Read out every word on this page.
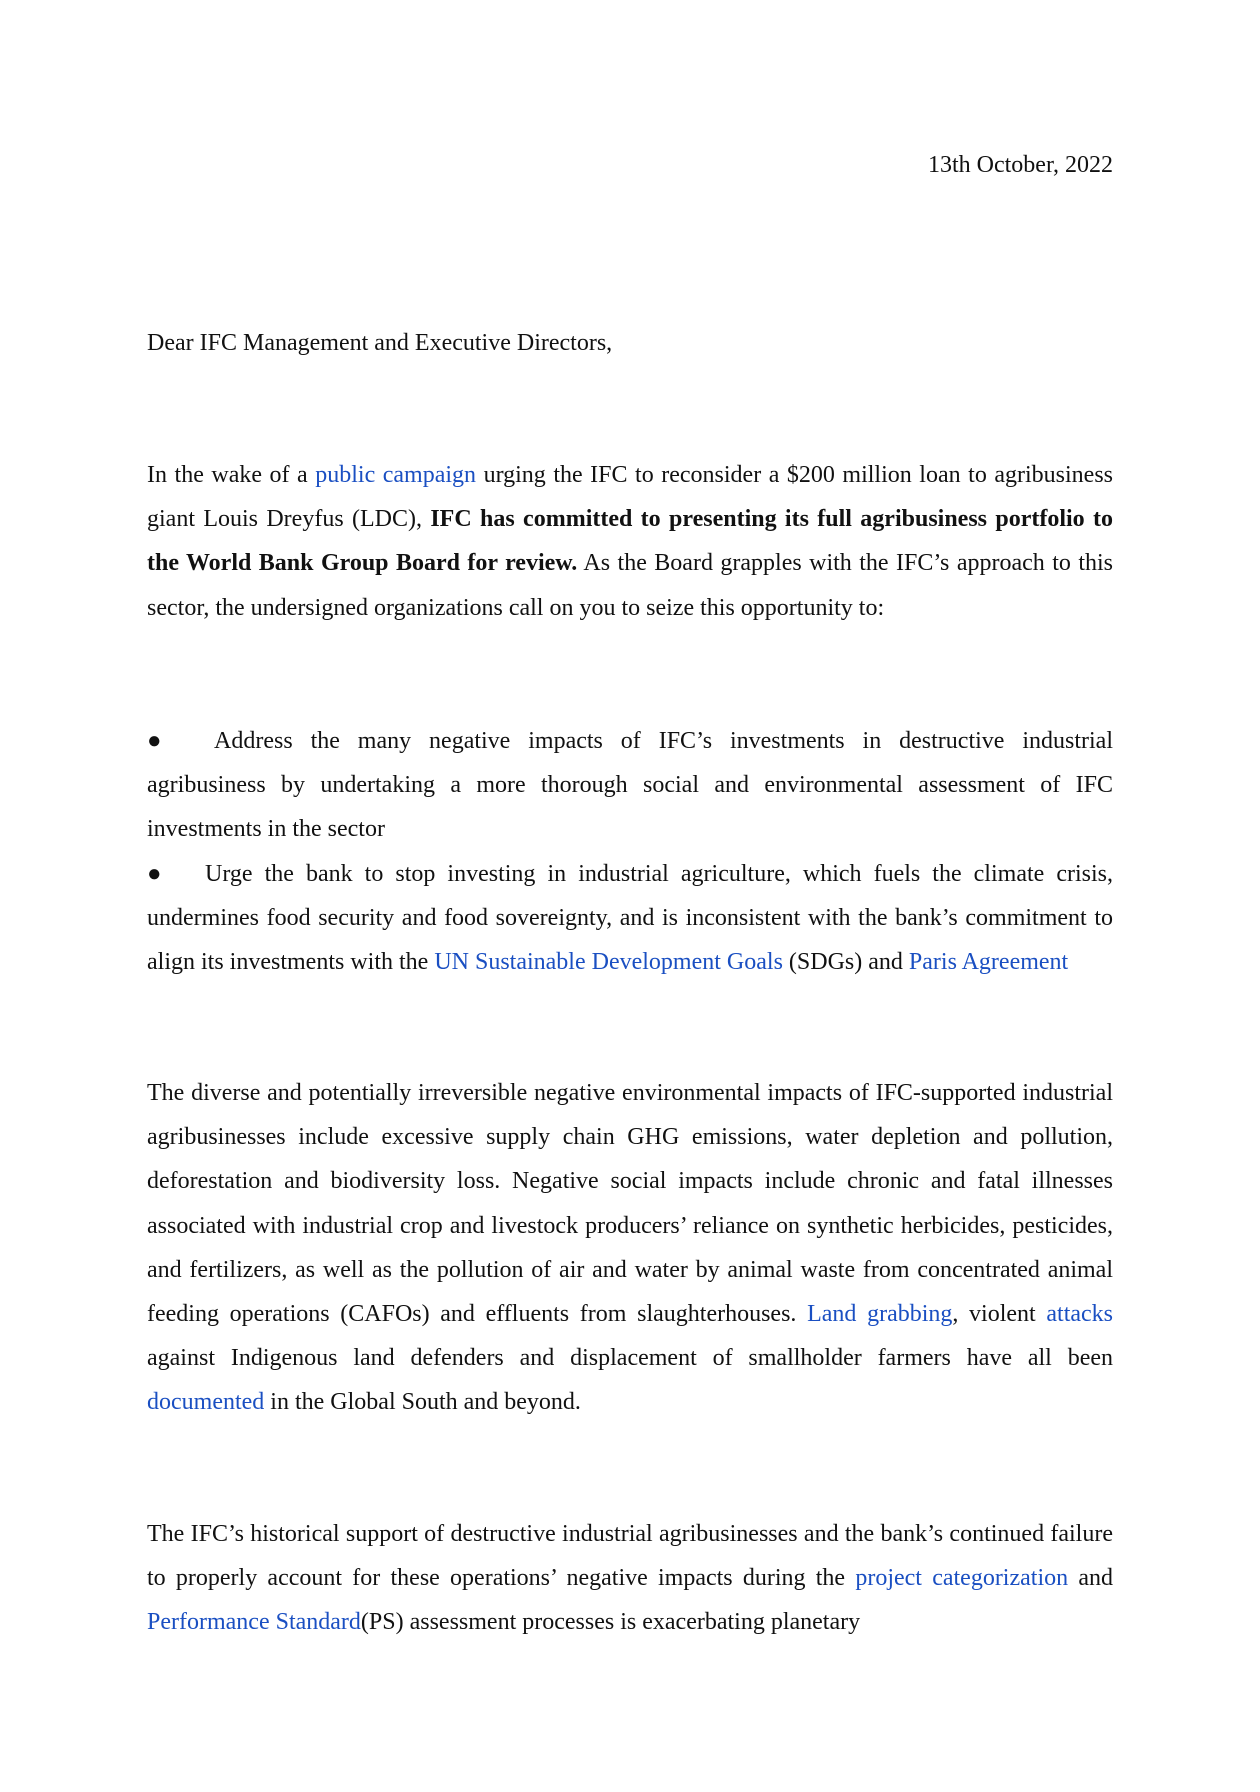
13th October, 2022
Dear IFC Management and Executive Directors,

In the wake of a public campaign urging the IFC to reconsider a $200 million loan to agribusiness giant Louis Dreyfus (LDC), IFC has committed to presenting its full agribusiness portfolio to the World Bank Group Board for review. As the Board grapples with the IFC’s approach to this sector, the undersigned organizations call on you to seize this opportunity to:

● Address the many negative impacts of IFC’s investments in destructive industrial agribusiness by undertaking a more thorough social and environmental assessment of IFC investments in the sector

● Urge the bank to stop investing in industrial agriculture, which fuels the climate crisis, undermines food security and food sovereignty, and is inconsistent with the bank’s commitment to align its investments with the UN Sustainable Development Goals (SDGs) and Paris Agreement

The diverse and potentially irreversible negative environmental impacts of IFC-supported industrial agribusinesses include excessive supply chain GHG emissions, water depletion and pollution, deforestation and biodiversity loss. Negative social impacts include chronic and fatal illnesses associated with industrial crop and livestock producers’ reliance on synthetic herbicides, pesticides, and fertilizers, as well as the pollution of air and water by animal waste from concentrated animal feeding operations (CAFOs) and effluents from slaughterhouses. Land grabbing, violent attacks against Indigenous land defenders and displacement of smallholder farmers have all been documented in the Global South and beyond.

The IFC’s historical support of destructive industrial agribusinesses and the bank’s continued failure to properly account for these operations’ negative impacts during the project categorization and Performance Standard(PS) assessment processes is exacerbating planetary
